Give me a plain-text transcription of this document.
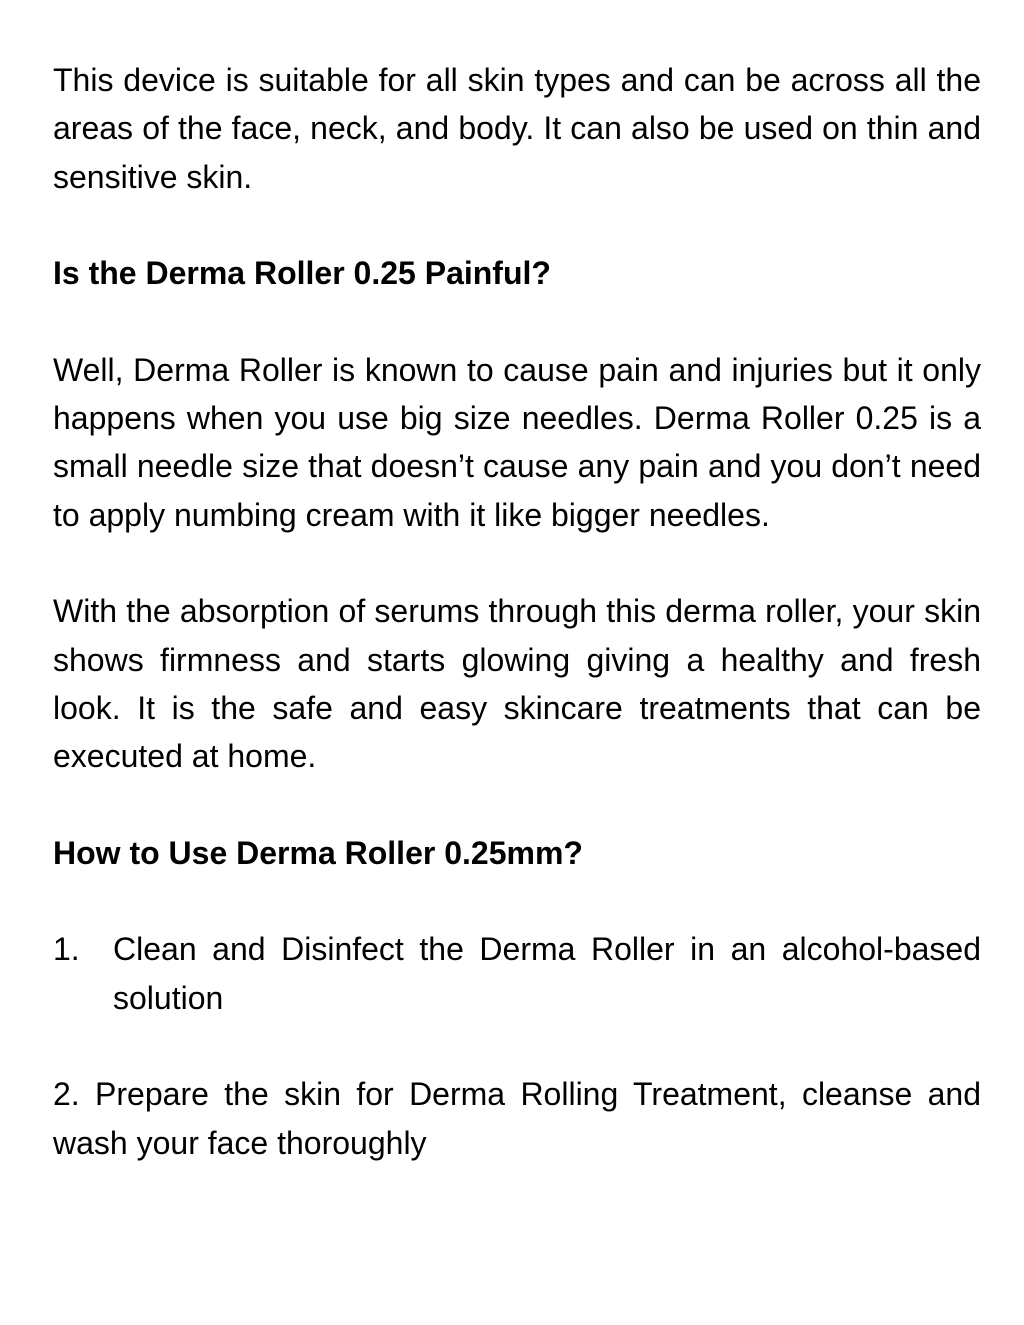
This device is suitable for all skin types and can be across all the areas of the face, neck, and body. It can also be used on thin and sensitive skin.

Is the Derma Roller 0.25 Painful?

Well, Derma Roller is known to cause pain and injuries but it only happens when you use big size needles. Derma Roller 0.25 is a small needle size that doesn’t cause any pain and you don’t need to apply numbing cream with it like bigger needles.

With the absorption of serums through this derma roller, your skin shows firmness and starts glowing giving a healthy and fresh look. It is the safe and easy skincare treatments that can be executed at home.

How to Use Derma Roller 0.25mm?

1.	Clean and Disinfect the Derma Roller in an alcohol-based solution

2. Prepare the skin for Derma Rolling Treatment, cleanse and wash your face thoroughly
